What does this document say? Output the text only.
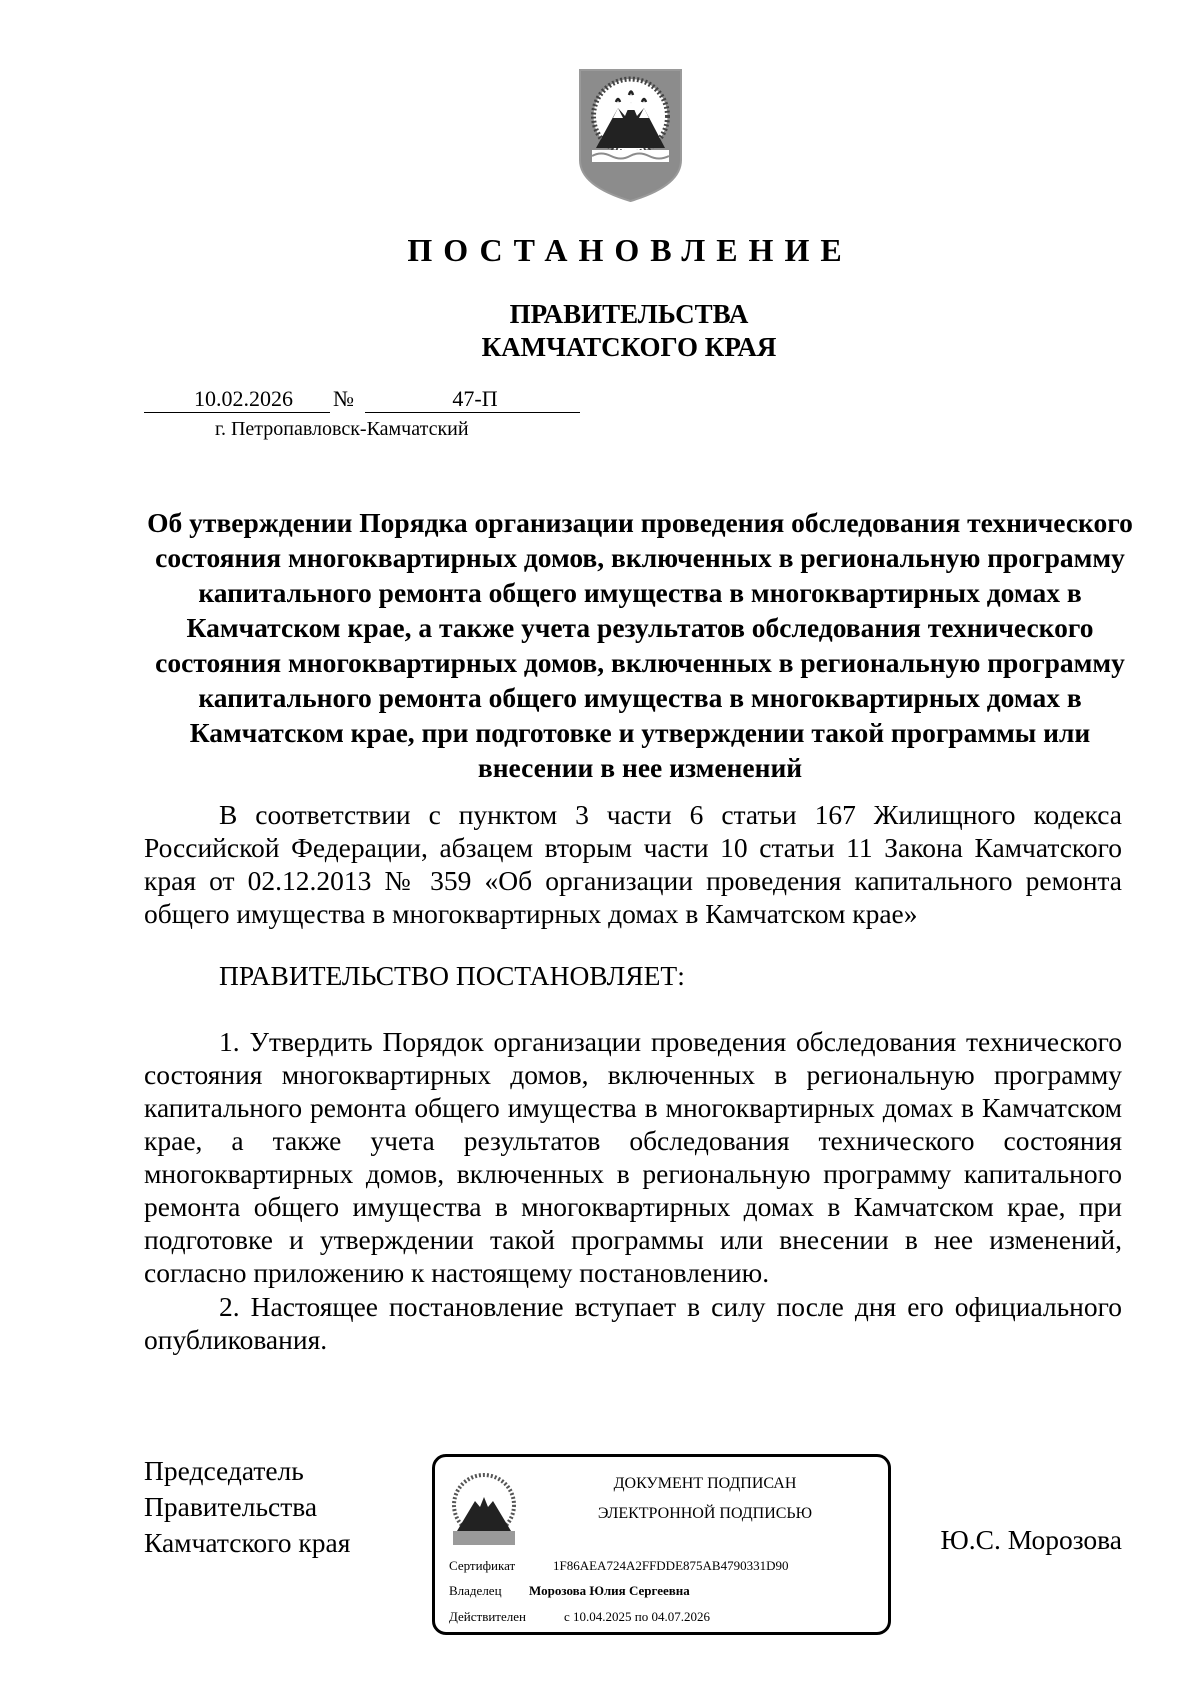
ПОСТАНОВЛЕНИЕ
ПРАВИТЕЛЬСТВА
КАМЧАТСКОГО КРАЯ
10.02.2026	№	47-П
г. Петропавловск-Камчатский
Об утверждении Порядка организации проведения обследования технического состояния многоквартирных домов, включенных в региональную программу капитального ремонта общего имущества в многоквартирных домах в Камчатском крае, а также учета результатов обследования технического состояния многоквартирных домов, включенных в региональную программу капитального ремонта общего имущества в многоквартирных домах в Камчатском крае, при подготовке и утверждении такой программы или внесении в нее изменений
В соответствии с пунктом 3 части 6 статьи 167 Жилищного кодекса Российской Федерации, абзацем вторым части 10 статьи 11 Закона Камчатского края от 02.12.2013 № 359 «Об организации проведения капитального ремонта общего имущества в многоквартирных домах в Камчатском крае»
ПРАВИТЕЛЬСТВО ПОСТАНОВЛЯЕТ:
1. Утвердить Порядок организации проведения обследования технического состояния многоквартирных домов, включенных в региональную программу капитального ремонта общего имущества в многоквартирных домах в Камчатском крае, а также учета результатов обследования технического состояния многоквартирных домов, включенных в региональную программу капитального ремонта общего имущества в многоквартирных домах в Камчатском крае, при подготовке и утверждении такой программы или внесении в нее изменений, согласно приложению к настоящему постановлению.
2. Настоящее постановление вступает в силу после дня его официального опубликования.
Председатель
Правительства
Камчатского края	Ю.С. Морозова
ДОКУМЕНТ ПОДПИСАН
ЭЛЕКТРОННОЙ ПОДПИСЬЮ
Сертификат	1F86AEA724A2FFDDE875AB4790331D90
Владелец Морозова Юлия Сергеевна
Действителен	с 10.04.2025 по 04.07.2026
